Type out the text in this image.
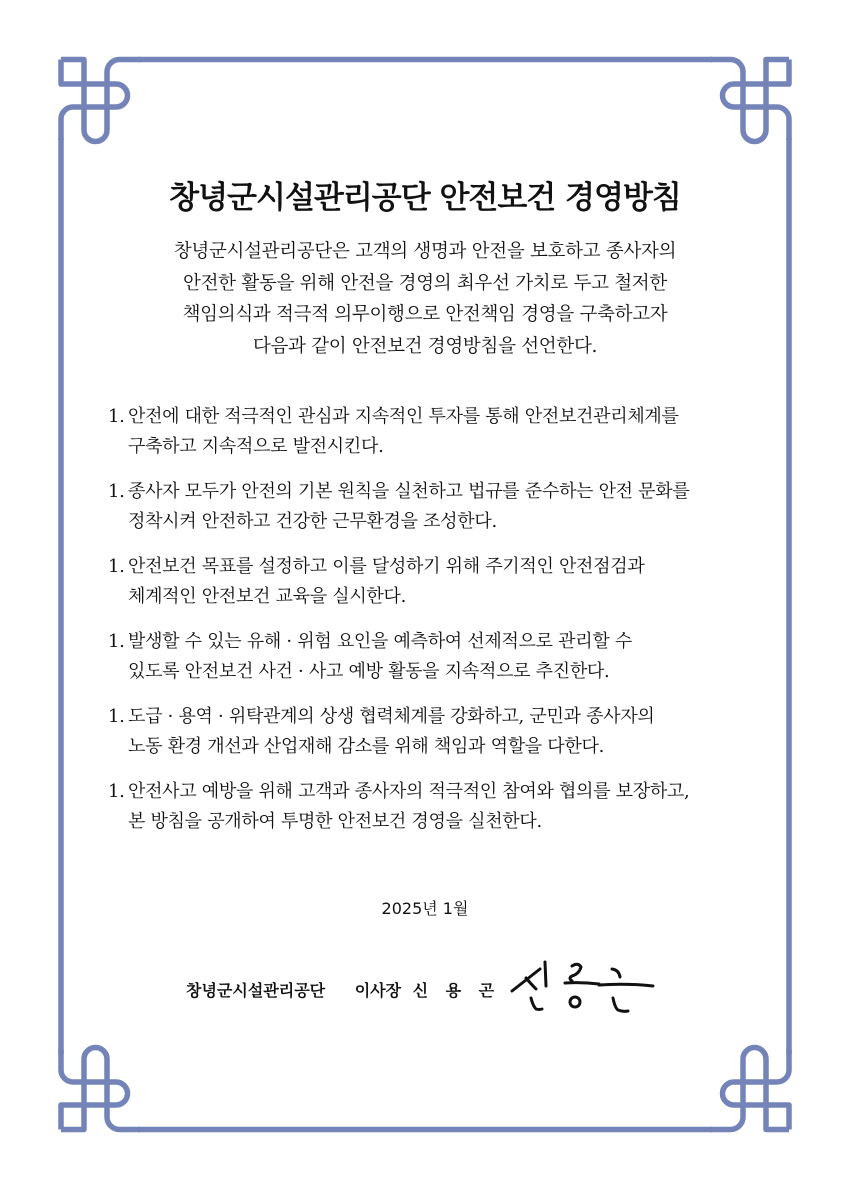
창녕군시설관리공단 안전보건 경영방침
창녕군시설관리공단은 고객의 생명과 안전을 보호하고 종사자의
안전한 활동을 위해 안전을 경영의 최우선 가치로 두고 철저한
책임의식과 적극적 의무이행으로 안전책임 경영을 구축하고자
다음과 같이 안전보건 경영방침을 선언한다.
1. 안전에 대한 적극적인 관심과 지속적인 투자를 통해 안전보건관리체계를
구축하고 지속적으로 발전시킨다.
1. 종사자 모두가 안전의 기본 원칙을 실천하고 법규를 준수하는 안전 문화를
정착시켜 안전하고 건강한 근무환경을 조성한다.
1. 안전보건 목표를 설정하고 이를 달성하기 위해 주기적인 안전점검과
체계적인 안전보건 교육을 실시한다.
1. 발생할 수 있는 유해 · 위험 요인을 예측하여 선제적으로 관리할 수
있도록 안전보건 사건 · 사고 예방 활동을 지속적으로 추진한다.
1. 도급 · 용역 · 위탁관계의 상생 협력체계를 강화하고, 군민과 종사자의
노동 환경 개선과 산업재해 감소를 위해 책임과 역할을 다한다.
1. 안전사고 예방을 위해 고객과 종사자의 적극적인 참여와 협의를 보장하고,
본 방침을 공개하여 투명한 안전보건 경영을 실천한다.
2025년 1월
창녕군시설관리공단 이사장 신 용 곤
